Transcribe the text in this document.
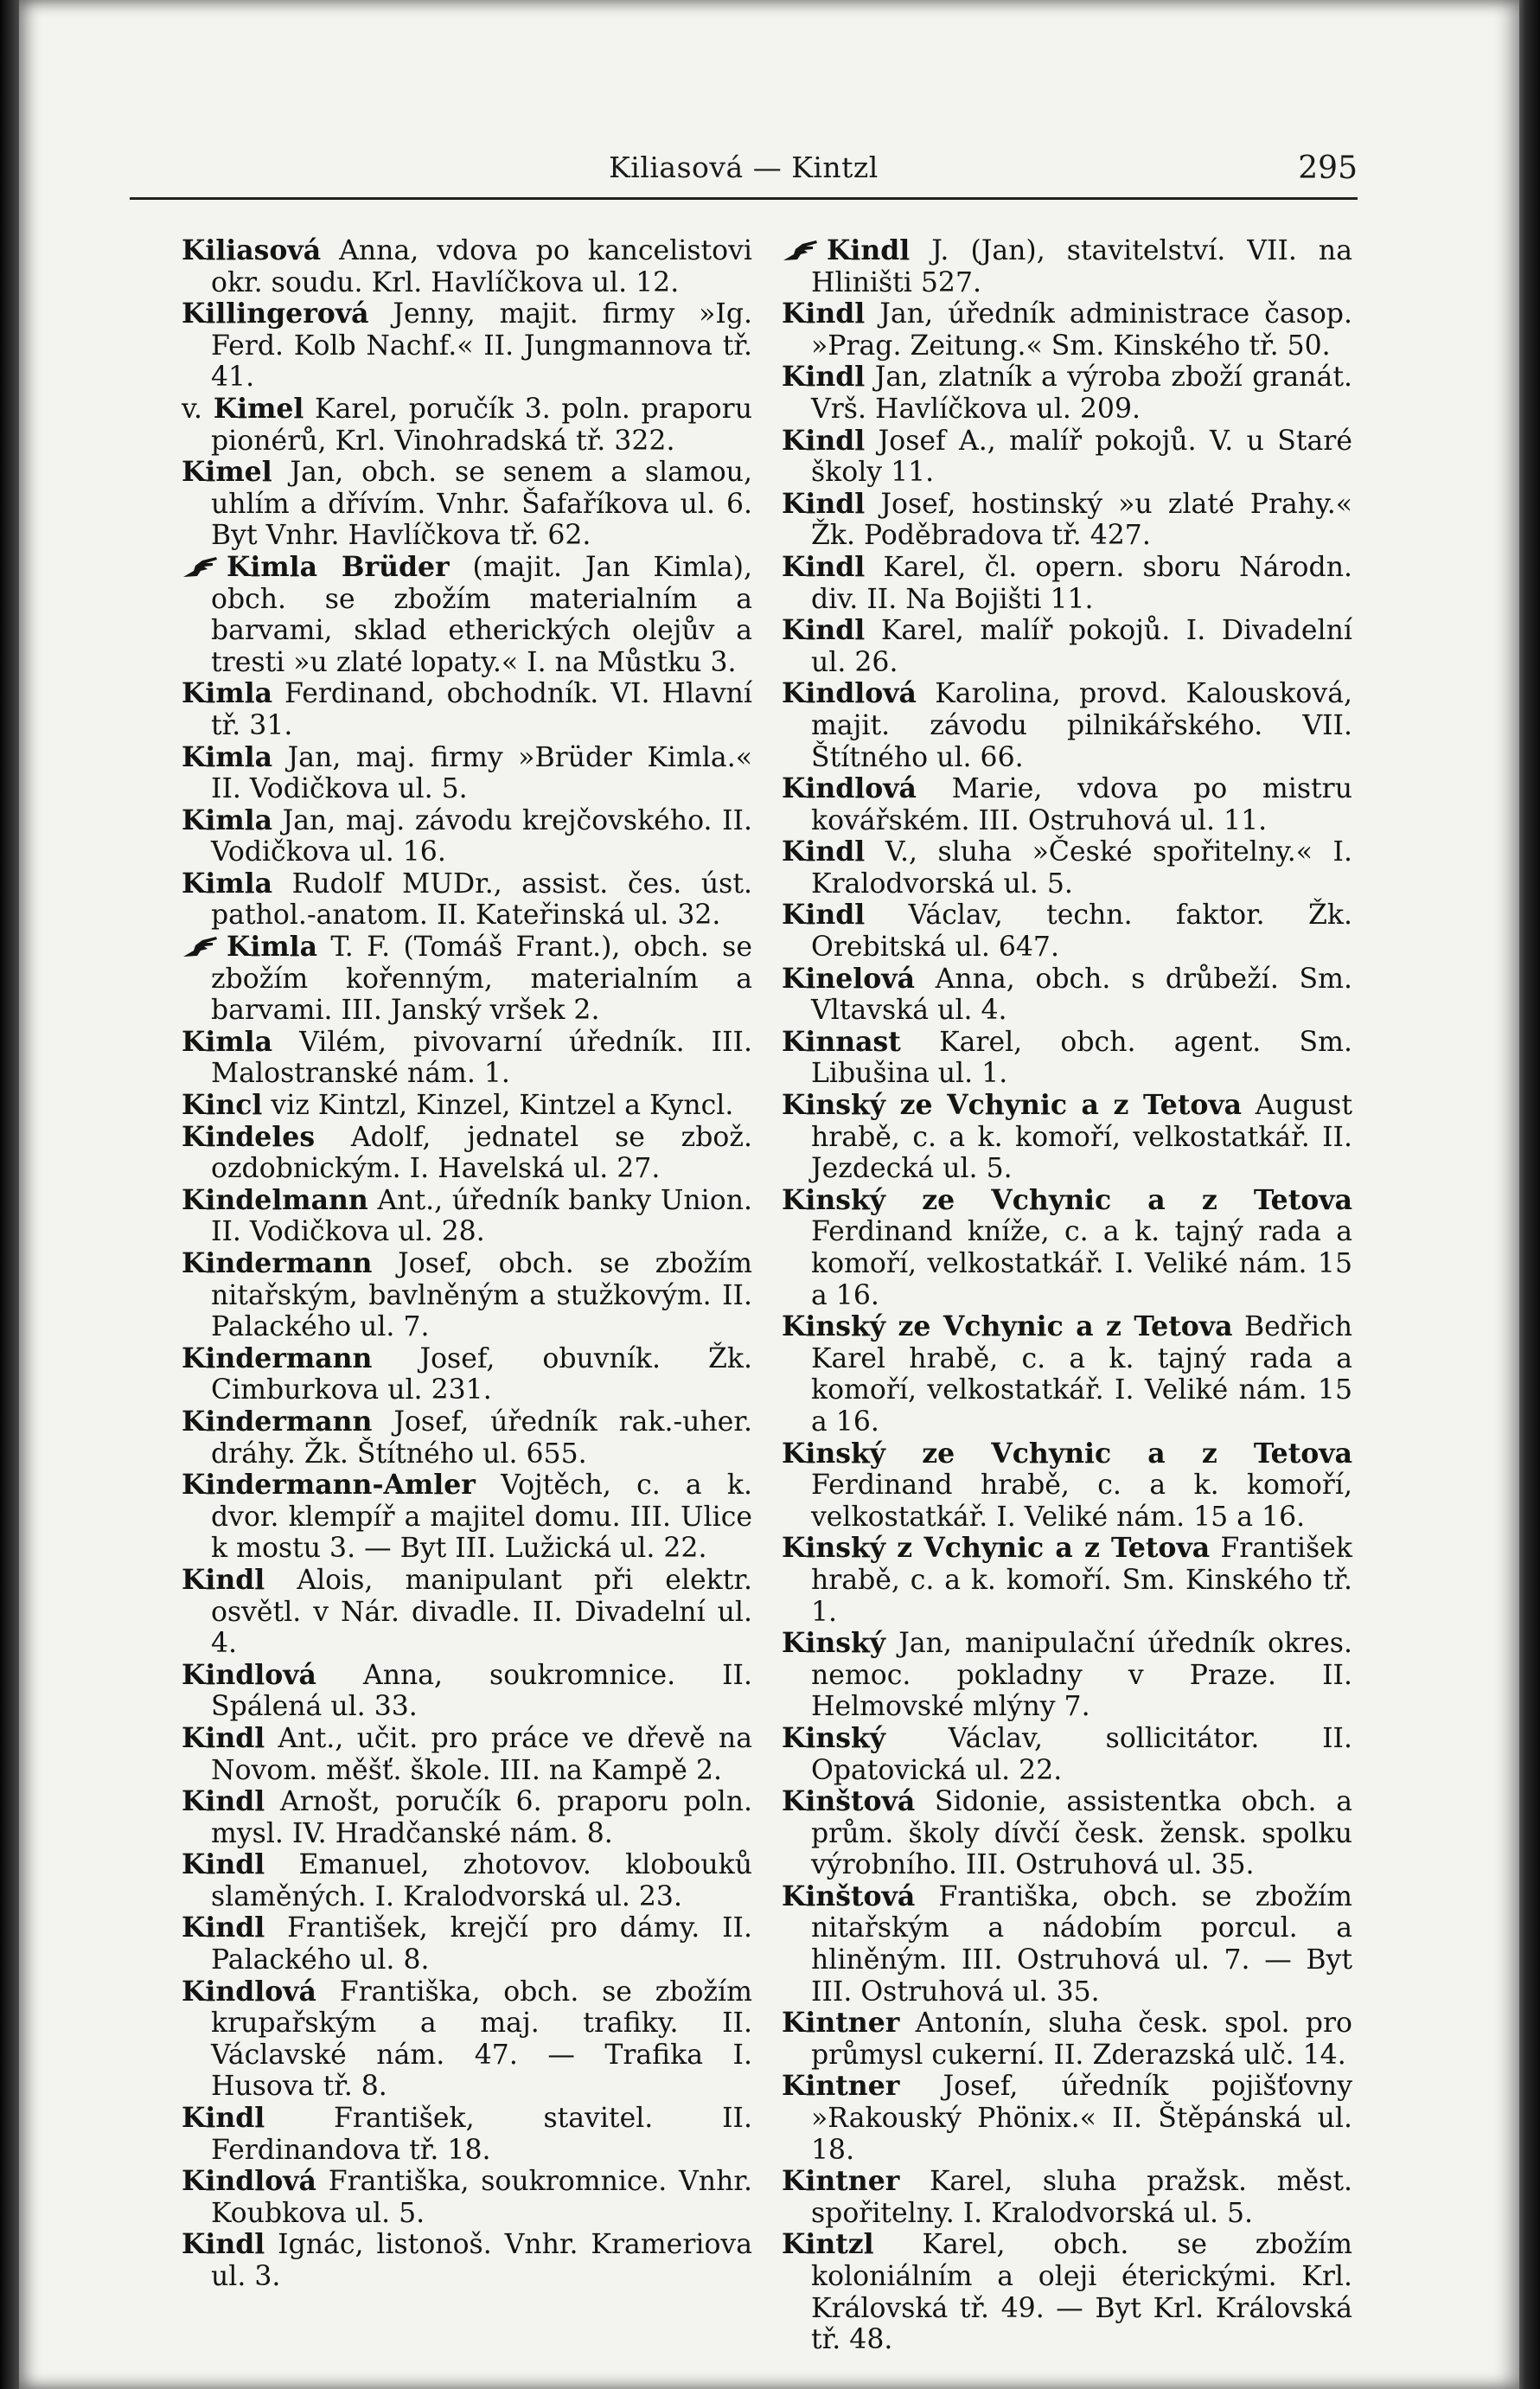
Kiliasová — Kintzl	295

Kiliasová Anna, vdova po kancelistovi okr. soudu. Krl. Havlíčkova ul. 12.

Killingerová Jenny, majit. firmy »Ig. Ferd. Kolb Nachf.« II. Jungmannova tř. 41.

v. Kimel Karel, poručík 3. poln. praporu pionérů, Krl. Vinohradská tř. 322.

Kimel Jan, obch. se senem a slamou, uhlím a dřívím. Vnhr. Šafaříkova ul. 6. Byt Vnhr. Havlíčkova tř. 62.

Kimla Brüder (majit. Jan Kimla), obch. se zbožím materialním a barvami, sklad etherických olejův a tresti »u zlaté lopaty.« I. na Můstku 3.

Kimla Ferdinand, obchodník. VI. Hlavní tř. 31.

Kimla Jan, maj. firmy »Brüder Kimla.« II. Vodičkova ul. 5.

Kimla Jan, maj. závodu krejčovského. II. Vodičkova ul. 16.

Kimla Rudolf MUDr., assist. čes. úst. pathol.-anatom. II. Kateřinská ul. 32.

Kimla T. F. (Tomáš Frant.), obch. se zbožím kořenným, materialním a barvami. III. Janský vršek 2.

Kimla Vilém, pivovarní úředník. III. Malostranské nám. 1.

Kincl viz Kintzl, Kinzel, Kintzel a Kyncl.

Kindeles Adolf, jednatel se zbož. ozdobnickým. I. Havelská ul. 27.

Kindelmann Ant., úředník banky Union. II. Vodičkova ul. 28.

Kindermann Josef, obch. se zbožím nitařským, bavlněným a stužkovým. II. Palackého ul. 7.

Kindermann Josef, obuvník. Žk. Cimburkova ul. 231.

Kindermann Josef, úředník rak.-uher. dráhy. Žk. Štítného ul. 655.

Kindermann-Amler Vojtěch, c. a k. dvor. klempíř a majitel domu. III. Ulice k mostu 3. — Byt III. Lužická ul. 22.

Kindl Alois, manipulant při elektr. osvětl. v Nár. divadle. II. Divadelní ul. 4.

Kindlová Anna, soukromnice. II. Spálená ul. 33.

Kindl Ant., učit. pro práce ve dřevě na Novom. měšť. škole. III. na Kampě 2.

Kindl Arnošt, poručík 6. praporu poln. mysl. IV. Hradčanské nám. 8.

Kindl Emanuel, zhotovov. klobouků slaměných. I. Kralodvorská ul. 23.

Kindl František, krejčí pro dámy. II. Palackého ul. 8.

Kindlová Františka, obch. se zbožím krupařským a maj. trafiky. II. Václavské nám. 47. — Trafika I. Husova tř. 8.

Kindl František, stavitel. II. Ferdinandova tř. 18.

Kindlová Františka, soukromnice. Vnhr. Koubkova ul. 5.

Kindl Ignác, listonoš. Vnhr. Krameriova ul. 3.

Kindl J. (Jan), stavitelství. VII. na Hliništi 527.

Kindl Jan, úředník administrace časop. »Prag. Zeitung.« Sm. Kinského tř. 50.

Kindl Jan, zlatník a výroba zboží granát. Vrš. Havlíčkova ul. 209.

Kindl Josef A., malíř pokojů. V. u Staré školy 11.

Kindl Josef, hostinský »u zlaté Prahy.« Žk. Poděbradova tř. 427.

Kindl Karel, čl. opern. sboru Národn. div. II. Na Bojišti 11.

Kindl Karel, malíř pokojů. I. Divadelní ul. 26.

Kindlová Karolina, provd. Kalousková, majit. závodu pilnikářského. VII. Štítného ul. 66.

Kindlová Marie, vdova po mistru kovářském. III. Ostruhová ul. 11.

Kindl V., sluha »České spořitelny.« I. Kralodvorská ul. 5.

Kindl Václav, techn. faktor. Žk. Orebitská ul. 647.

Kinelová Anna, obch. s drůbeží. Sm. Vltavská ul. 4.

Kinnast Karel, obch. agent. Sm. Libušina ul. 1.

Kinský ze Vchynic a z Tetova August hrabě, c. a k. komoří, velkostatkář. II. Jezdecká ul. 5.

Kinský ze Vchynic a z Tetova Ferdinand kníže, c. a k. tajný rada a komoří, velkostatkář. I. Veliké nám. 15 a 16.

Kinský ze Vchynic a z Tetova Bedřich Karel hrabě, c. a k. tajný rada a komoří, velkostatkář. I. Veliké nám. 15 a 16.

Kinský ze Vchynic a z Tetova Ferdinand hrabě, c. a k. komoří, velkostatkář. I. Veliké nám. 15 a 16.

Kinský z Vchynic a z Tetova František hrabě, c. a k. komoří. Sm. Kinského tř. 1.

Kinský Jan, manipulační úředník okres. nemoc. pokladny v Praze. II. Helmovské mlýny 7.

Kinský Václav, sollicitátor. II. Opatovická ul. 22.

Kinštová Sidonie, assistentka obch. a prům. školy dívčí česk. žensk. spolku výrobního. III. Ostruhová ul. 35.

Kinštová Františka, obch. se zbožím nitařským a nádobím porcul. a hliněným. III. Ostruhová ul. 7. — Byt III. Ostruhová ul. 35.

Kintner Antonín, sluha česk. spol. pro průmysl cukerní. II. Zderazská ulč. 14.

Kintner Josef, úředník pojišťovny »Rakouský Phönix.« II. Štěpánská ul. 18.

Kintner Karel, sluha pražsk. měst. spořitelny. I. Kralodvorská ul. 5.

Kintzl Karel, obch. se zbožím koloniálním a oleji éterickými. Krl. Královská tř. 49. — Byt Krl. Královská tř. 48.
